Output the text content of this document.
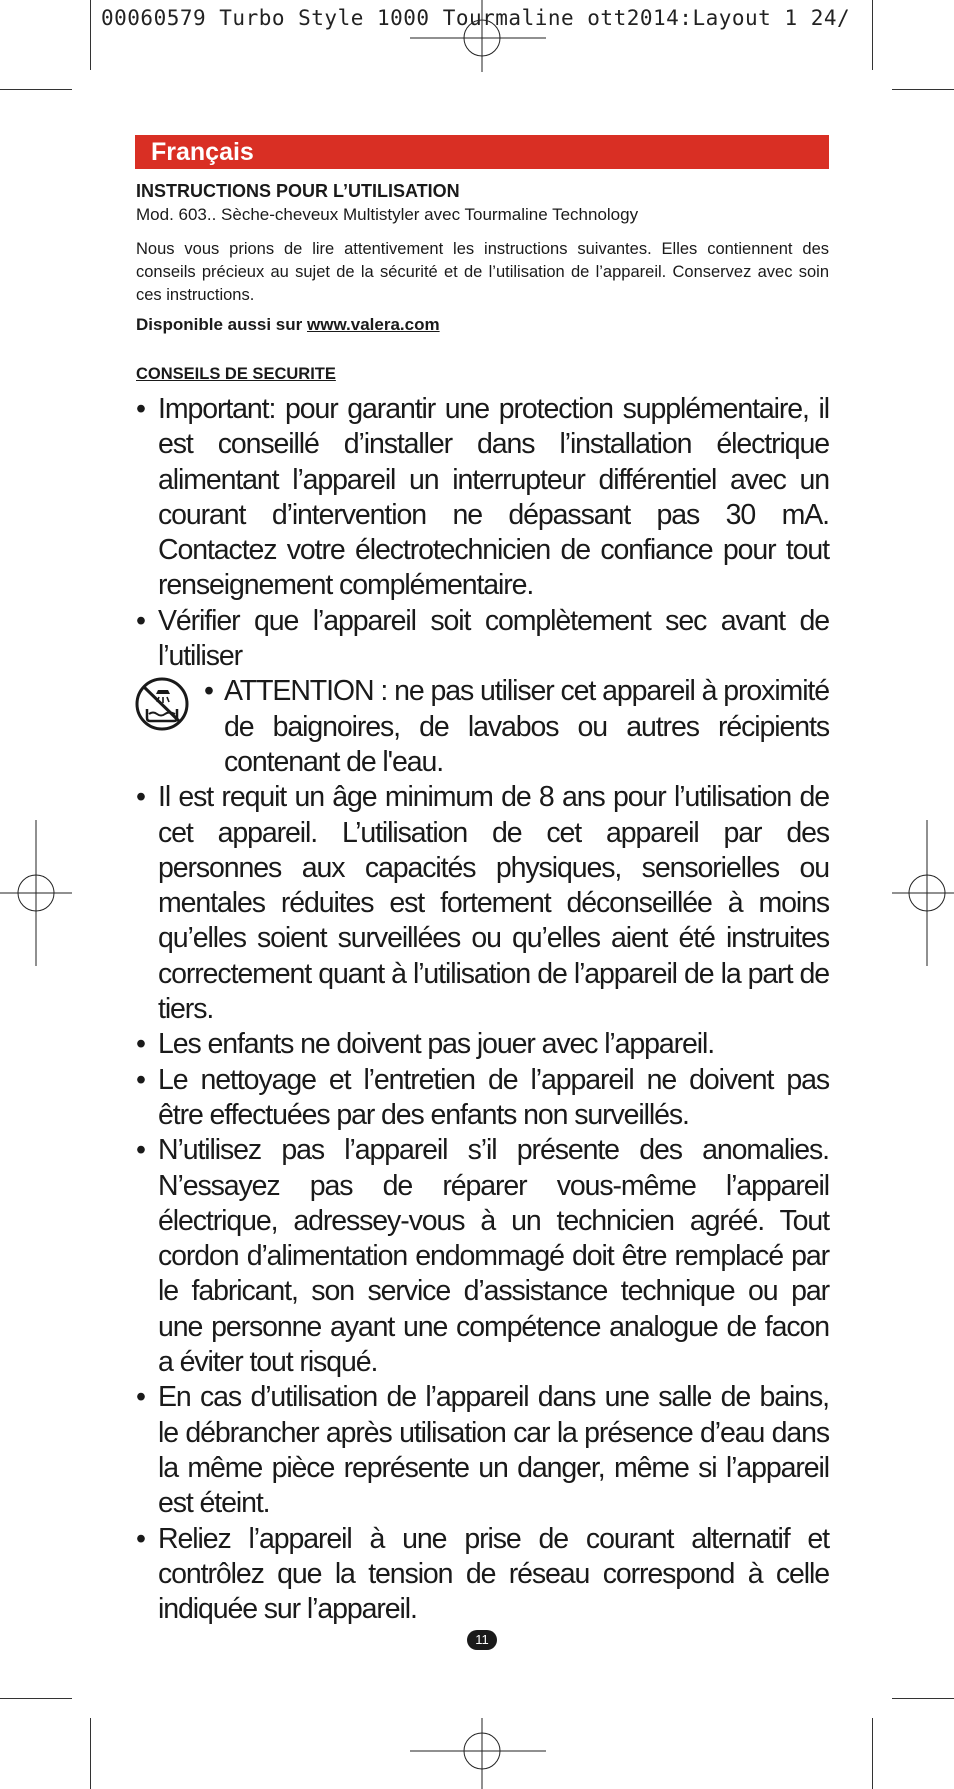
00060579 Turbo Style 1000 Tourmaline ott2014:Layout 1 24/
Français

INSTRUCTIONS POUR L’UTILISATION

Mod. 603.. Sèche-cheveux Multistyler avec Tourmaline Technology

Nous vous prions de lire attentivement les instructions suivantes. Elles contiennent des conseils précieux au sujet de la sécurité et de l’utilisation de l’appareil. Conservez avec soin ces instructions.

Disponible aussi sur www.valera.com

CONSEILS DE SECURITE

• Important: pour garantir une protection supplémentaire, il est conseillé d’installer dans l’installation électrique alimentant l’appareil un interrupteur différentiel avec un courant d’intervention ne dépassant pas 30 mA. Contactez votre électrotechnicien de confiance pour tout renseignement complémentaire.
• Vérifier que l’appareil soit complètement sec avant de l’utiliser
• ATTENTION : ne pas utiliser cet appareil à proximité de baignoires, de lavabos ou autres récipients contenant de l'eau.
• Il est requit un âge minimum de 8 ans pour l’utilisation de cet appareil. L’utilisation de cet appareil par des personnes aux capacités physiques, sensorielles ou mentales réduites est fortement déconseillée à moins qu’elles soient surveillées ou qu’elles aient été instruites correctement quant à l’utilisation de l’appareil de la part de tiers.
• Les enfants ne doivent pas jouer avec l’appareil.
• Le nettoyage et l’entretien de l’appareil ne doivent pas être effectuées par des enfants non surveillés.
• N’utilisez pas l’appareil s’il présente des anomalies. N’essayez pas de réparer vous-même l’appareil électrique, adressey-vous à un technicien agréé. Tout cordon d’alimentation endommagé doit être remplacé par le fabricant, son service d’assistance technique ou par une personne ayant une compétence analogue de facon a éviter tout risqué.
• En cas d’utilisation de l’appareil dans une salle de bains, le débrancher après utilisation car la présence d’eau dans la même pièce représente un danger, même si l’appareil est éteint.
• Reliez l’appareil à une prise de courant alternatif et contrôlez que la tension de réseau correspond à celle indiquée sur l’appareil.
11
